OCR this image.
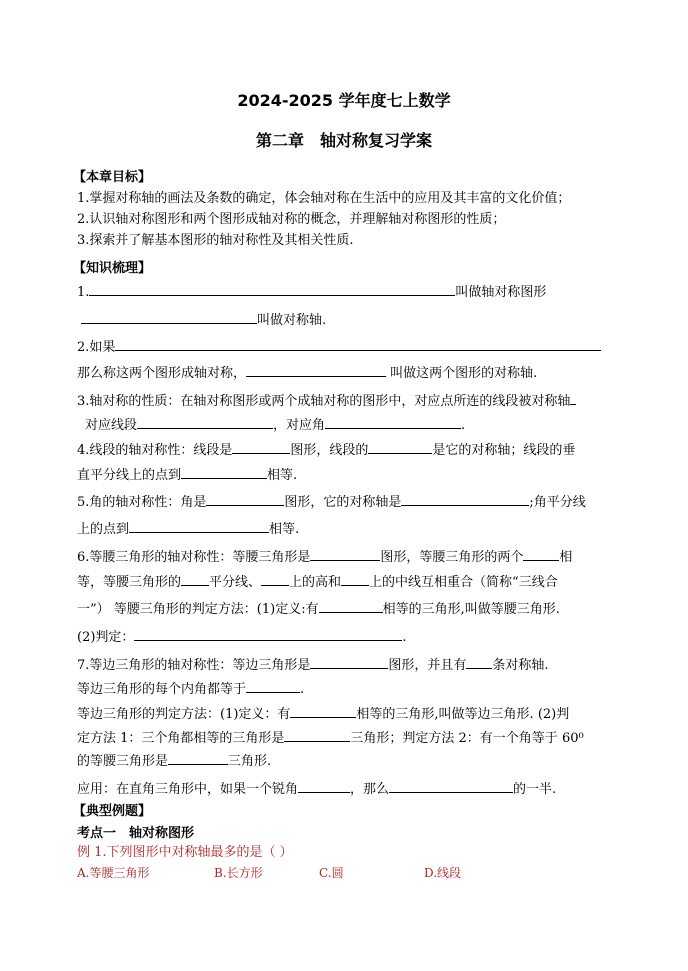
2024-2025 学年度七上数学
第二章　轴对称复习学案
【本章目标】
1.掌握对称轴的画法及条数的确定，体会轴对称在生活中的应用及其丰富的文化价值；
2.认识轴对称图形和两个图形成轴对称的概念，并理解轴对称图形的性质；
3.探索并了解基本图形的轴对称性及其相关性质.
【知识梳理】
1.	叫做轴对称图形
叫做对称轴.
2.如果
那么称这两个图形成轴对称，	叫做这两个图形的对称轴.
3.轴对称的性质：在轴对称图形或两个成轴对称的图形中，对应点所连的线段被对称轴
对应线段	，对应角	.
4.线段的轴对称性：线段是	图形，线段的	是它的对称轴；线段的垂
直平分线上的点到	相等.
5.角的轴对称性：角是	图形，它的对称轴是	;角平分线
上的点到	相等.
6.等腰三角形的轴对称性：等腰三角形是	图形，等腰三角形的两个	相
等，等腰三角形的 平分线、 上的高和 上的中线互相重合（简称“三线合
一”） 等腰三角形的判定方法：(1)定义:有	相等的三角形,叫做等腰三角形.
(2)判定：	.
7.等边三角形的轴对称性：等边三角形是	图形，并且有 条对称轴.
等边三角形的每个内角都等于	.
等边三角形的判定方法：(1)定义：有	相等的三角形,叫做等边三角形. (2)判
定方法 1：三个角都相等的三角形是	三角形；判定方法 2：有一个角等于 60⁰
的等腰三角形是	三角形.
应用：在直角三角形中，如果一个锐角	，那么	的一半.
【典型例题】
考点一　轴对称图形
例 1.下列图形中对称轴最多的是（ ）
A.等腰三角形	B.长方形	C.圆	D.线段
